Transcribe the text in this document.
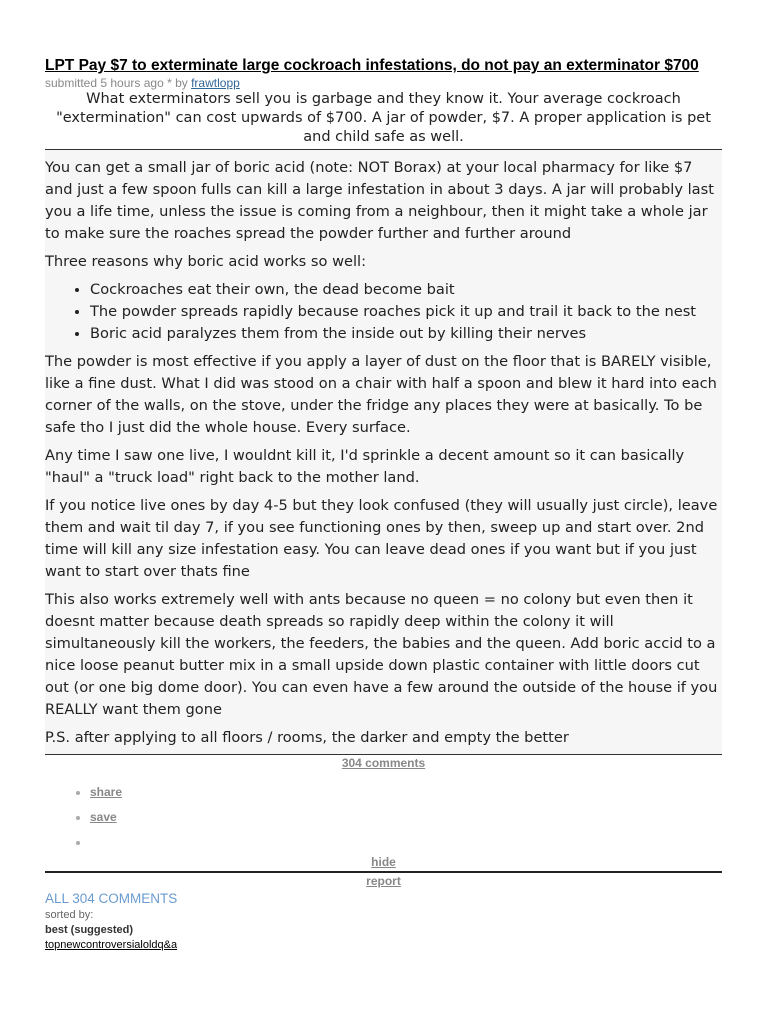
LPT Pay $7 to exterminate large cockroach infestations, do not pay an exterminator $700
submitted 5 hours ago * by frawtlopp
What exterminators sell you is garbage and they know it. Your average cockroach "extermination" can cost upwards of $700. A jar of powder, $7. A proper application is pet and child safe as well.

You can get a small jar of boric acid (note: NOT Borax) at your local pharmacy for like $7 and just a few spoon fulls can kill a large infestation in about 3 days. A jar will probably last you a life time, unless the issue is coming from a neighbour, then it might take a whole jar to make sure the roaches spread the powder further and further around

Three reasons why boric acid works so well:

• Cockroaches eat their own, the dead become bait
• The powder spreads rapidly because roaches pick it up and trail it back to the nest
• Boric acid paralyzes them from the inside out by killing their nerves

The powder is most effective if you apply a layer of dust on the floor that is BARELY visible, like a fine dust. What I did was stood on a chair with half a spoon and blew it hard into each corner of the walls, on the stove, under the fridge any places they were at basically. To be safe tho I just did the whole house. Every surface.

Any time I saw one live, I wouldnt kill it, I'd sprinkle a decent amount so it can basically "haul" a "truck load" right back to the mother land.

If you notice live ones by day 4-5 but they look confused (they will usually just circle), leave them and wait til day 7, if you see functioning ones by then, sweep up and start over. 2nd time will kill any size infestation easy. You can leave dead ones if you want but if you just want to start over thats fine

This also works extremely well with ants because no queen = no colony but even then it doesnt matter because death spreads so rapidly deep within the colony it will simultaneously kill the workers, the feeders, the babies and the queen. Add boric accid to a nice loose peanut butter mix in a small upside down plastic container with little doors cut out (or one big dome door). You can even have a few around the outside of the house if you REALLY want them gone

P.S. after applying to all floors / rooms, the darker and empty the better

304 comments
• share
• save
•
hide
report
ALL 304 COMMENTS
sorted by:
best (suggested)
topnewcontroversialoldq&a
